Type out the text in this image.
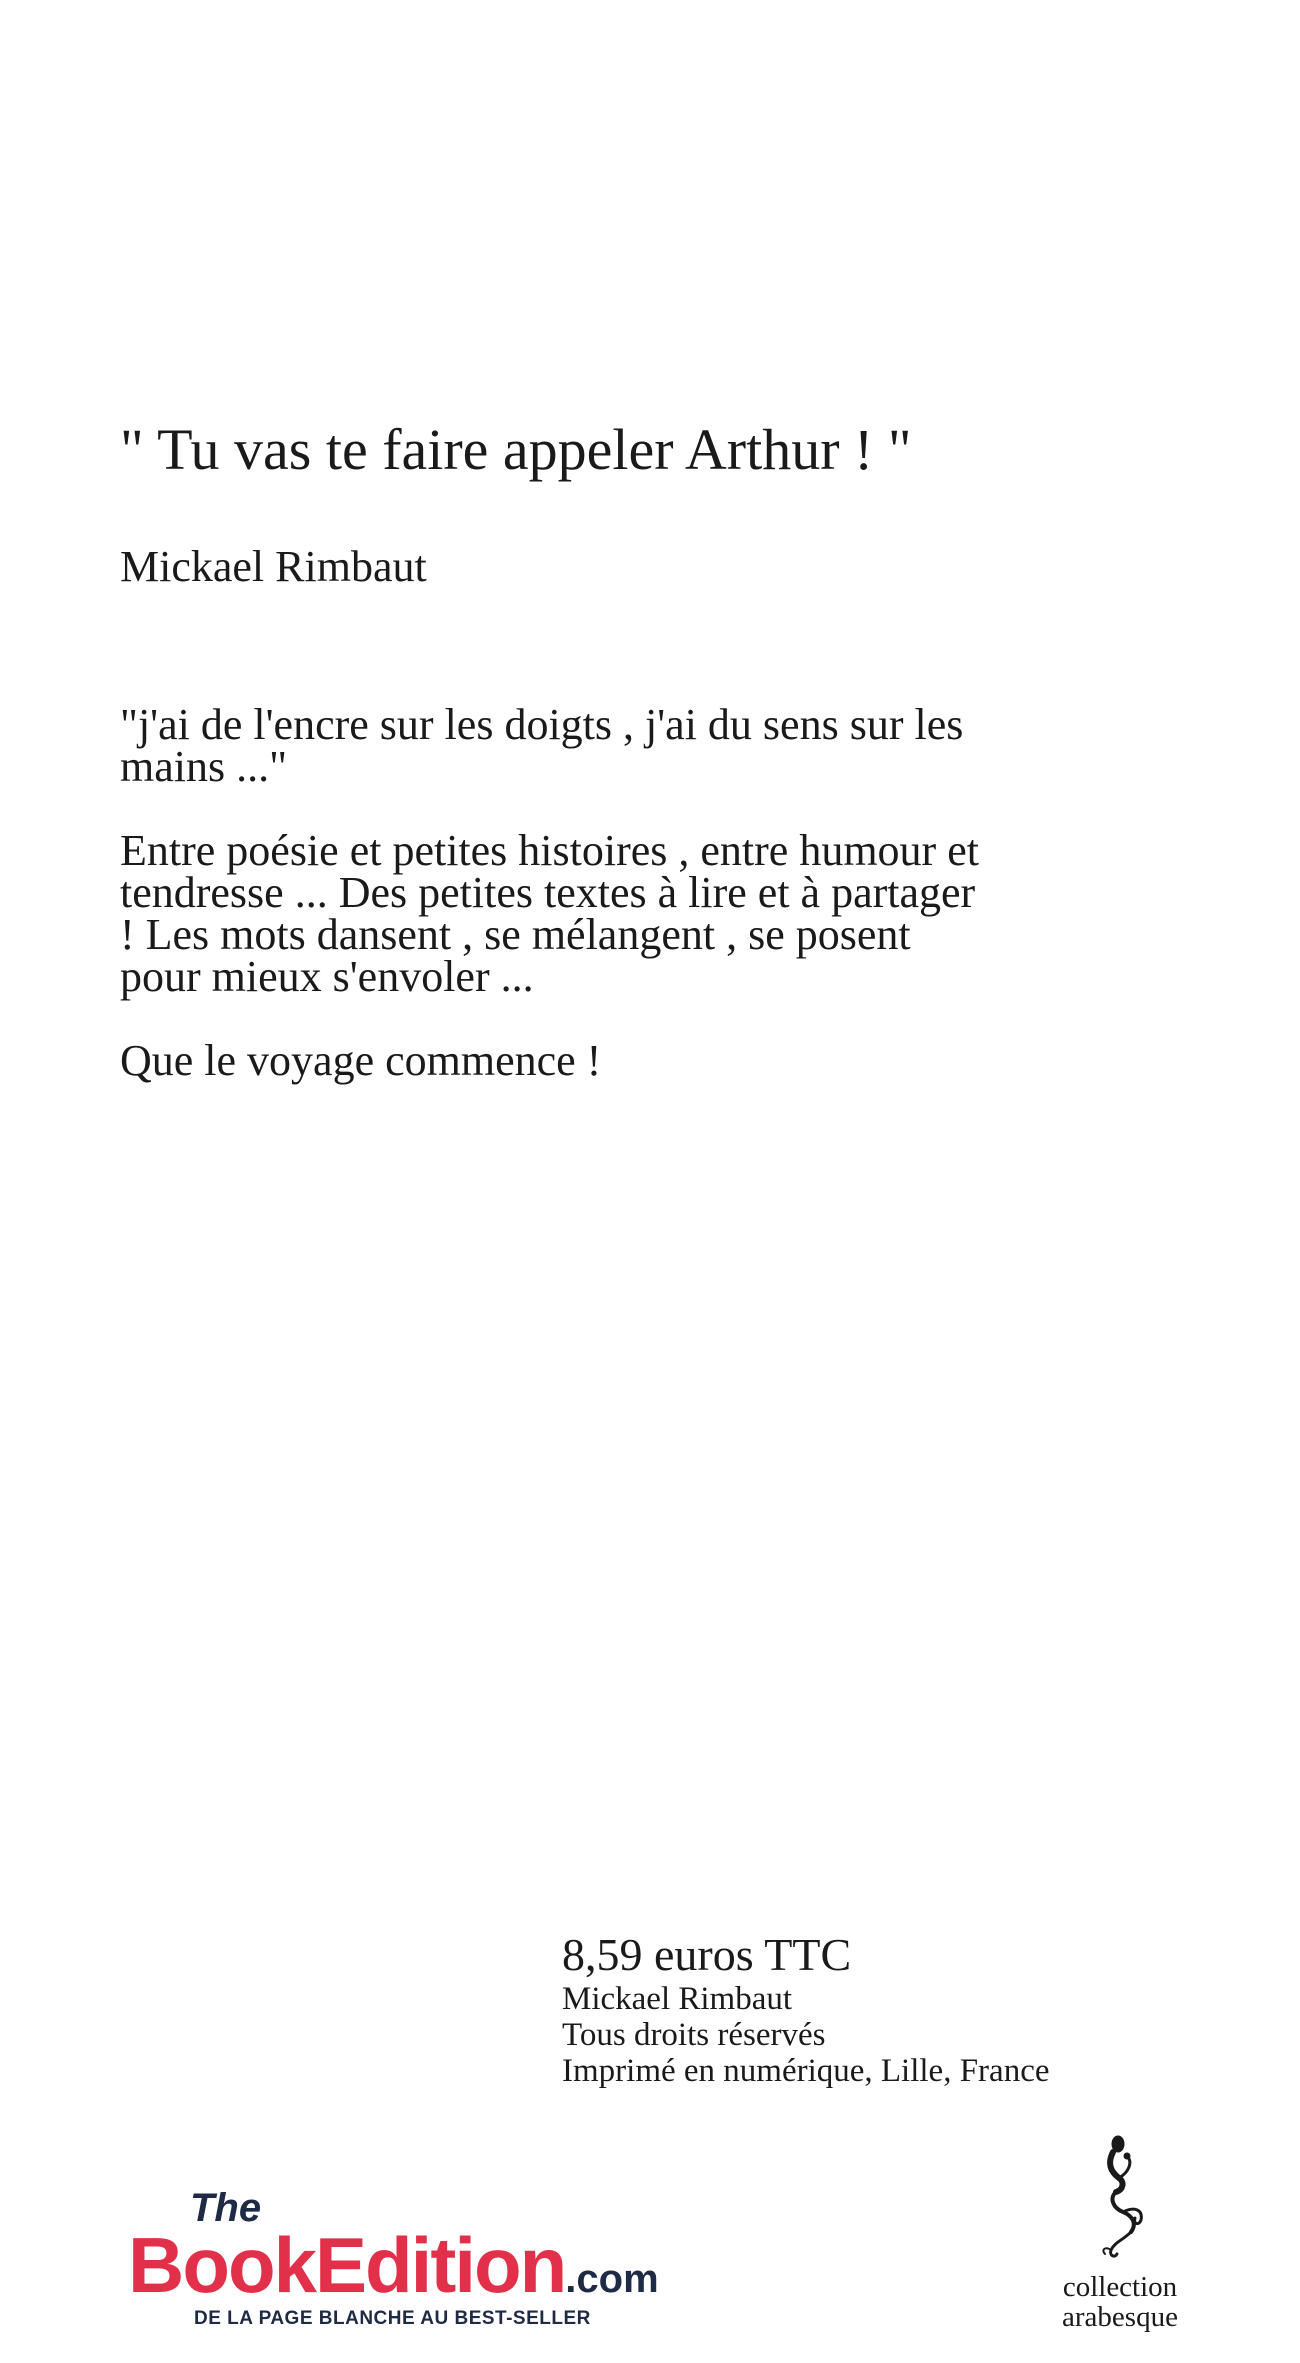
" Tu vas te faire appeler Arthur ! "
Mickael Rimbaut

"j'ai de l'encre sur les doigts , j'ai du sens sur les mains ..."

Entre poésie et petites histoires , entre humour et tendresse ... Des petites textes à lire et à partager ! Les mots dansent , se mélangent , se posent pour mieux s'envoler ...

Que le voyage commence !

8,59 euros TTC
Mickael Rimbaut
Tous droits réservés
Imprimé en numérique, Lille, France
The
BookEdition.com
DE LA PAGE BLANCHE AU BEST-SELLER
collection
arabesque
